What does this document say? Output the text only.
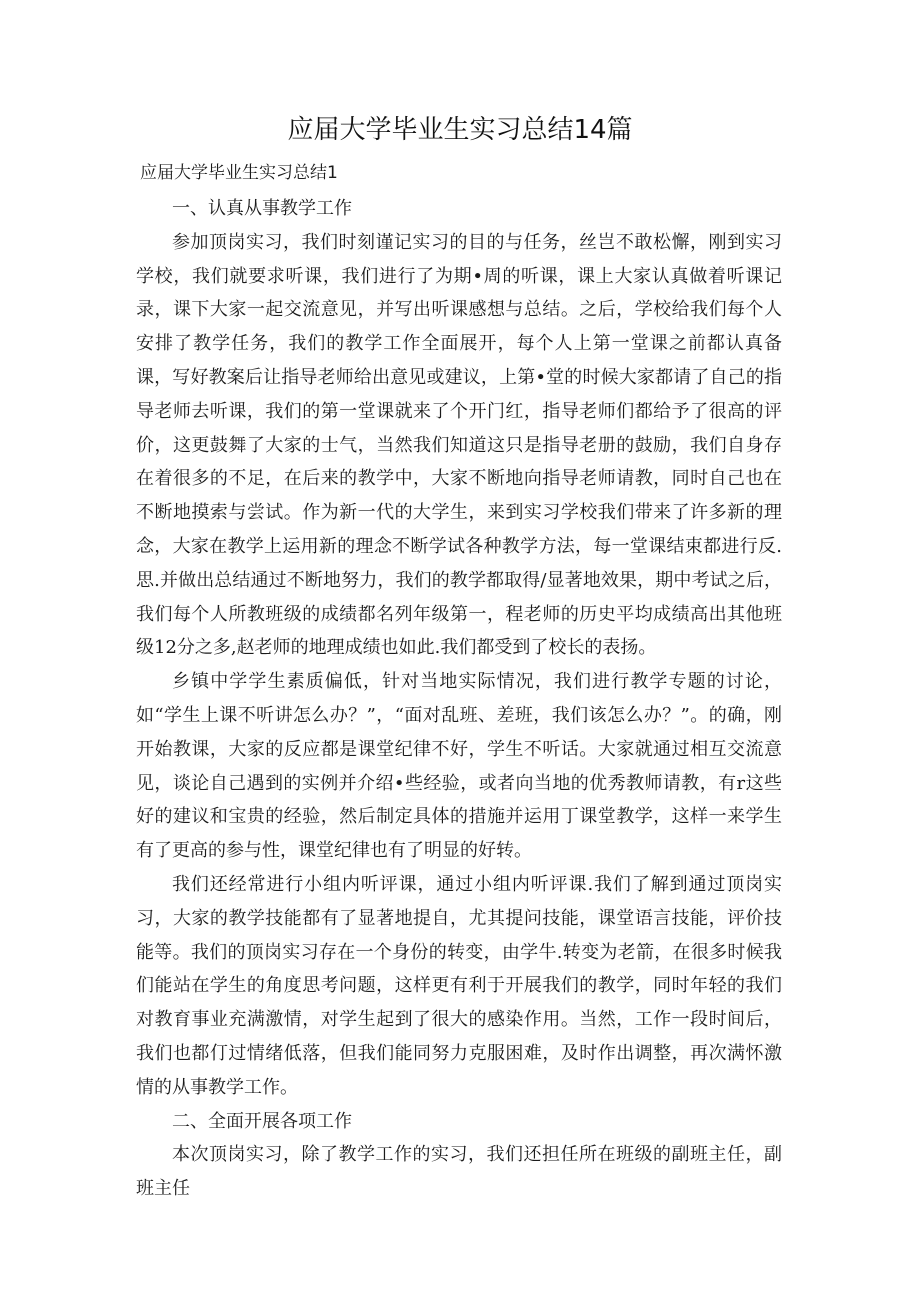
应届大学毕业生实习总结14篇
应届大学毕业生实习总结1

一、认真从事教学工作

参加顶岗实习，我们时刻谨记实习的目的与任务，丝岂不敢松懈，刚到实习学校，我们就要求听课，我们进行了为期•周的听课，课上大家认真做着听课记录，课下大家一起交流意见，并写出听课感想与总结。之后，学校给我们每个人安排了教学任务，我们的教学工作全面展开，每个人上第一堂课之前都认真备课，写好教案后让指导老师给出意见或建议，上第•堂的时候大家都请了自己的指导老师去听课，我们的第一堂课就来了个开门红，指导老师们都给予了很高的评价，这更鼓舞了大家的士气，当然我们知道这只是指导老册的鼓励，我们自身存在着很多的不足，在后来的教学中，大家不断地向指导老师请教，同时自己也在不断地摸索与尝试。作为新一代的大学生，来到实习学校我们带来了许多新的理念，大家在教学上运用新的理念不断学试各种教学方法，每一堂课结束都进行反.思.并做出总结通过不断地努力，我们的教学都取得/显著地效果，期中考试之后，我们每个人所教班级的成绩都名列年级第一，程老师的历史平均成绩高出其他班级12分之多,赵老师的地理成绩也如此.我们都受到了校长的表扬。

乡镇中学学生素质偏低，针对当地实际情况，我们进行教学专题的讨论，如“学生上课不听讲怎么办？”，“面对乱班、差班，我们该怎么办？”。的确，刚开始教课，大家的反应都是课堂纪律不好，学生不听话。大家就通过相互交流意见，谈论自己遇到的实例并介绍•些经验，或者向当地的优秀教师请教，有r这些好的建议和宝贵的经验，然后制定具体的措施并运用丁课堂教学，这样一来学生有了更高的参与性，课堂纪律也有了明显的好转。

我们还经常进行小组内听评课，通过小组内听评课.我们了解到通过顶岗实习，大家的教学技能都有了显著地提自，尤其提问技能，课堂语言技能，评价技能等。我们的顶岗实习存在一个身份的转变，由学牛.转变为老箭，在很多时候我们能站在学生的角度思考问题，这样更有利于开展我们的教学，同时年轻的我们对教育事业充满激情，对学生起到了很大的感染作用。当然，工作一段时间后，我们也都仃过情绪低落，但我们能同努力克服困难，及时作出调整，再次满怀激情的从事教学工作。

二、全面开展各项工作

本次顶岗实习，除了教学工作的实习，我们还担任所在班级的副班主任，副班主任
